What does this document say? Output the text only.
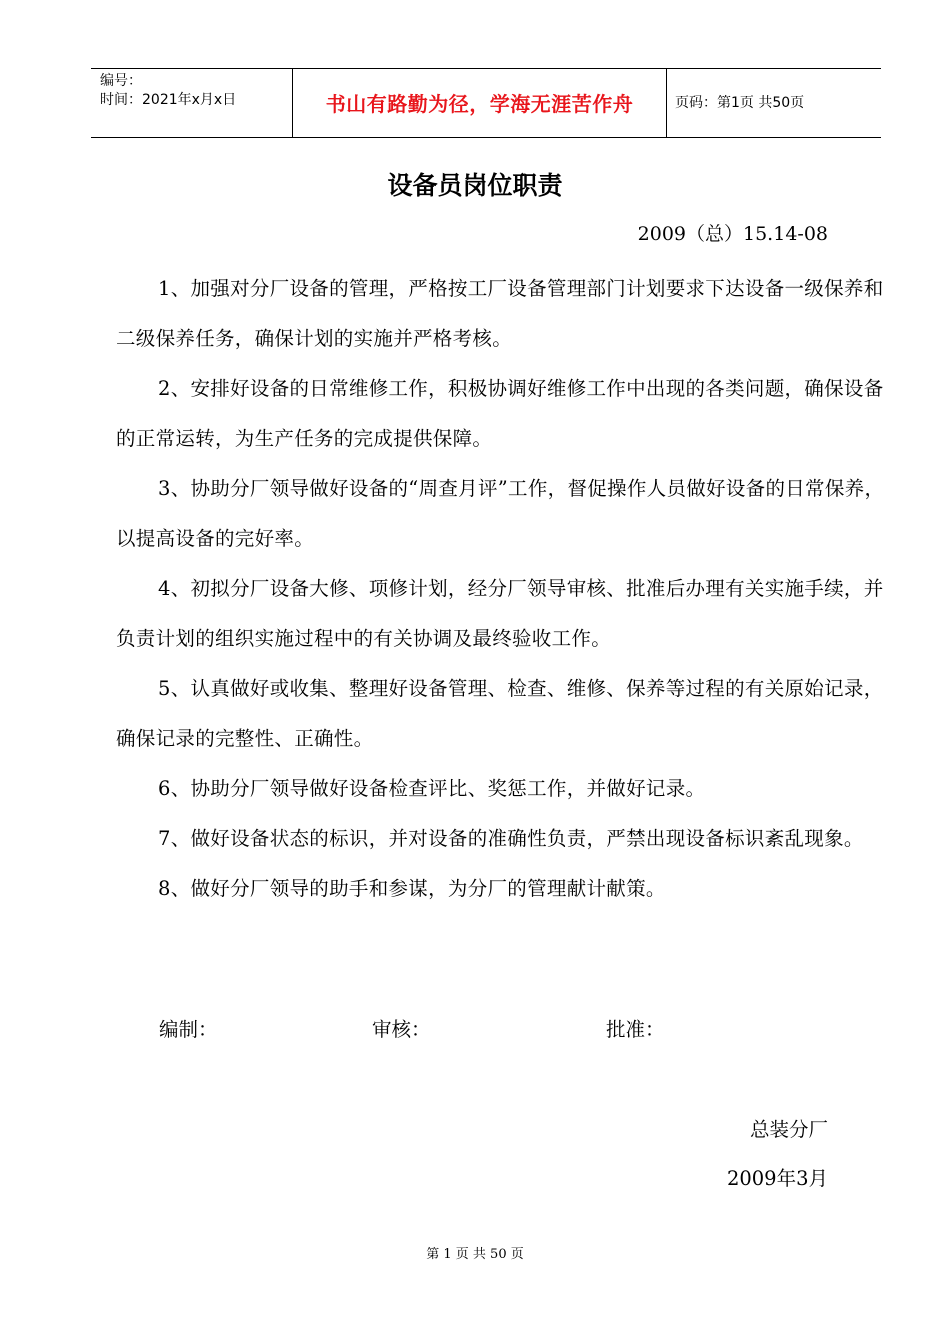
编号：
时间：2021年x月x日	书山有路勤为径，学海无涯苦作舟	页码：第1页 共50页
设备员岗位职责
2009（总）15.14-08

1、加强对分厂设备的管理，严格按工厂设备管理部门计划要求下达设备一级保养和二级保养任务，确保计划的实施并严格考核。

2、安排好设备的日常维修工作，积极协调好维修工作中出现的各类问题，确保设备的正常运转，为生产任务的完成提供保障。

3、协助分厂领导做好设备的“周查月评”工作，督促操作人员做好设备的日常保养，以提高设备的完好率。

4、初拟分厂设备大修、项修计划，经分厂领导审核、批准后办理有关实施手续，并负责计划的组织实施过程中的有关协调及最终验收工作。

5、认真做好或收集、整理好设备管理、检查、维修、保养等过程的有关原始记录，确保记录的完整性、正确性。

6、协助分厂领导做好设备检查评比、奖惩工作，并做好记录。

7、做好设备状态的标识，并对设备的准确性负责，严禁出现设备标识紊乱现象。

8、做好分厂领导的助手和参谋，为分厂的管理献计献策。

编制：	审核：	批准：
总装分厂
2009年3月
第 1 页 共 50 页
